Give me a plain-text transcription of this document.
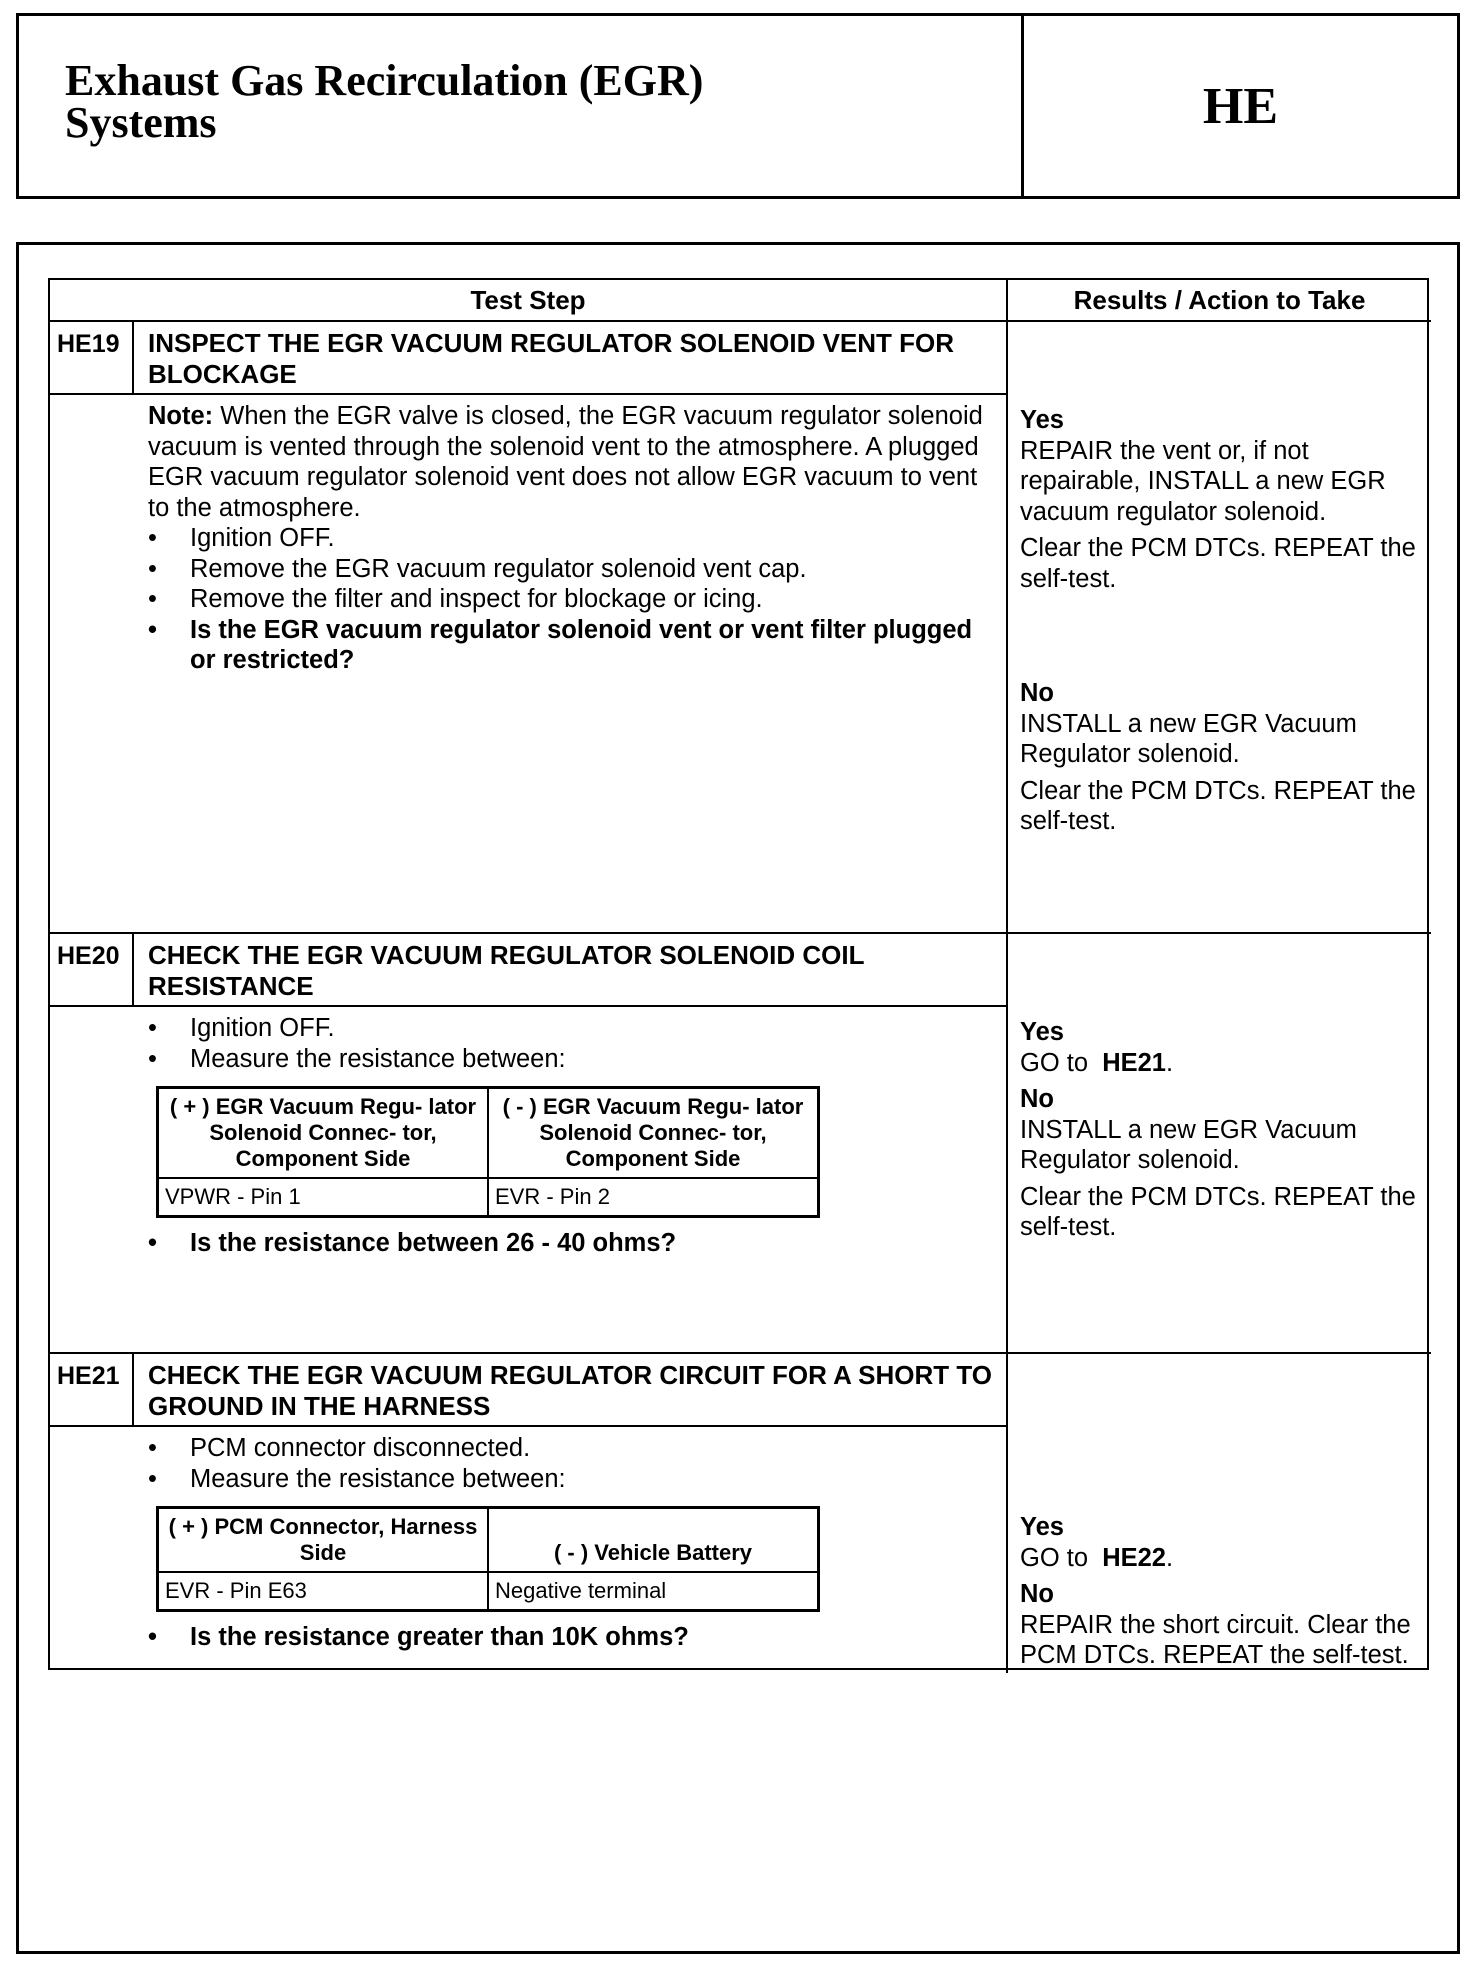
Exhaust Gas Recirculation (EGR)
Systems	HE
Test Step	Results / Action to Take
HE19	INSPECT THE EGR VACUUM REGULATOR SOLENOID VENT FOR BLOCKAGE
Note: When the EGR valve is closed, the EGR vacuum regulator solenoid vacuum is vented through the solenoid vent to the atmosphere. A plugged EGR vacuum regulator solenoid vent does not allow EGR vacuum to vent to the atmosphere.
• Ignition OFF.
• Remove the EGR vacuum regulator solenoid vent cap.
• Remove the filter and inspect for blockage or icing.
• Is the EGR vacuum regulator solenoid vent or vent filter plugged or restricted?

Yes

REPAIR the vent or, if not repairable, INSTALL a new EGR vacuum regulator solenoid.

Clear the PCM DTCs. REPEAT the self-test.

No

INSTALL a new EGR Vacuum Regulator solenoid.

Clear the PCM DTCs. REPEAT the self-test.

HE20	CHECK THE EGR VACUUM REGULATOR SOLENOID COIL RESISTANCE
• Ignition OFF.
• Measure the resistance between:
( + ) EGR Vacuum Regu- lator Solenoid Connec- tor, Component Side	( - ) EGR Vacuum Regu- lator Solenoid Connec- tor, Component Side
VPWR - Pin 1	EVR - Pin 2
• Is the resistance between 26 - 40 ohms?

Yes

GO to HE21.

No

INSTALL a new EGR Vacuum Regulator solenoid.

Clear the PCM DTCs. REPEAT the self-test.

HE21	CHECK THE EGR VACUUM REGULATOR CIRCUIT FOR A SHORT TO GROUND IN THE HARNESS
• PCM connector disconnected.
• Measure the resistance between:
( + ) PCM Connector, Harness Side	( - ) Vehicle Battery
EVR - Pin E63	Negative terminal
• Is the resistance greater than 10K ohms?

Yes

GO to HE22.

No

REPAIR the short circuit. Clear the PCM DTCs. REPEAT the self-test.
